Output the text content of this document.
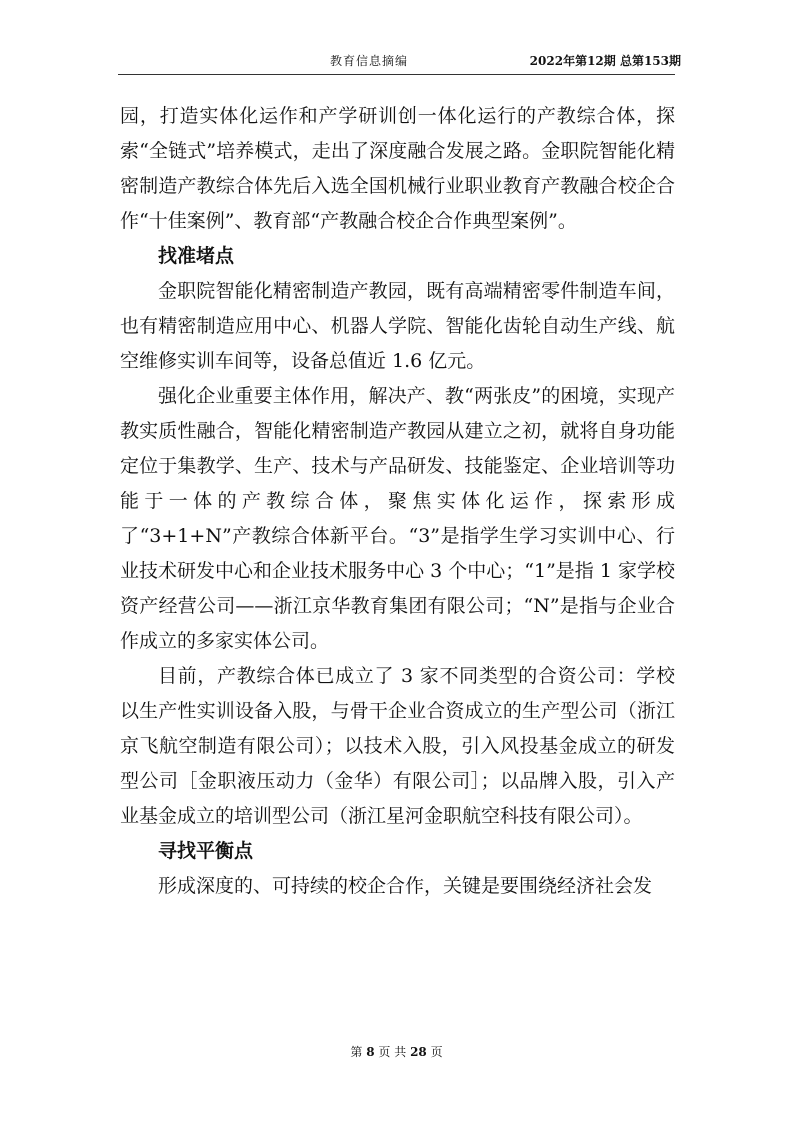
教育信息摘编	2022年第12期 总第153期

园，打造实体化运作和产学研训创一体化运行的产教综合体，探索“全链式”培养模式，走出了深度融合发展之路。金职院智能化精密制造产教综合体先后入选全国机械行业职业教育产教融合校企合作“十佳案例”、教育部“产教融合校企合作典型案例”。

找准堵点

金职院智能化精密制造产教园，既有高端精密零件制造车间，也有精密制造应用中心、机器人学院、智能化齿轮自动生产线、航空维修实训车间等，设备总值近 1.6 亿元。

强化企业重要主体作用，解决产、教“两张皮”的困境，实现产教实质性融合，智能化精密制造产教园从建立之初，就将自身功能定位于集教学、生产、技术与产品研发、技能鉴定、企业培训等功能于一体的产教综合体，聚焦实体化运作，探索形成了“3+1+N”产教综合体新平台。“3”是指学生学习实训中心、行业技术研发中心和企业技术服务中心 3 个中心；“1”是指 1 家学校资产经营公司——浙江京华教育集团有限公司；“N”是指与企业合作成立的多家实体公司。

目前，产教综合体已成立了 3 家不同类型的合资公司：学校以生产性实训设备入股，与骨干企业合资成立的生产型公司（浙江京飞航空制造有限公司）；以技术入股，引入风投基金成立的研发型公司［金职液压动力（金华）有限公司］；以品牌入股，引入产业基金成立的培训型公司（浙江星河金职航空科技有限公司）。

寻找平衡点

形成深度的、可持续的校企合作，关键是要围绕经济社会发

第 8 页 共 28 页
